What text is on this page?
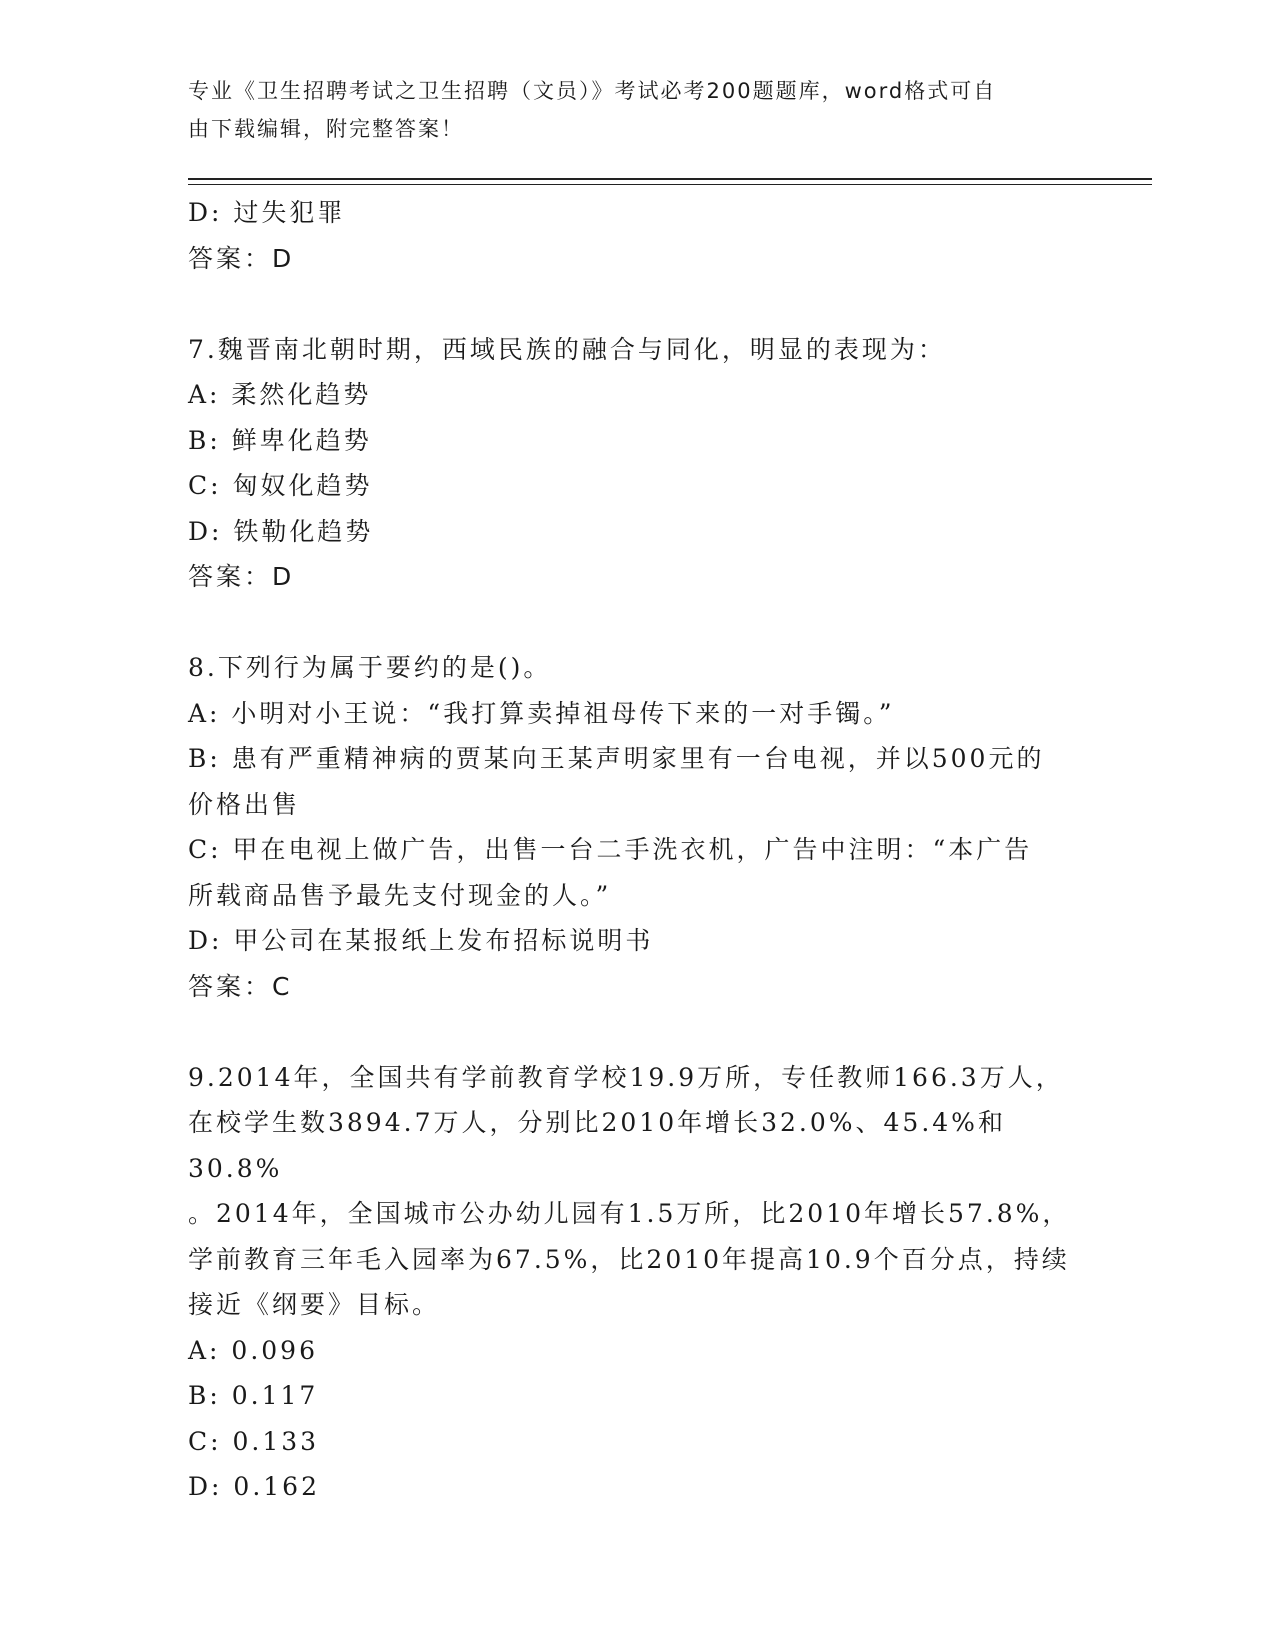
专业《卫生招聘考试之卫生招聘（文员）》考试必考200题题库，word格式可自
由下载编辑，附完整答案！

D: 过失犯罪

答案：D

7.魏晋南北朝时期，西域民族的融合与同化，明显的表现为：

A: 柔然化趋势

B: 鲜卑化趋势

C: 匈奴化趋势

D: 铁勒化趋势

答案：D

8.下列行为属于要约的是()。

A: 小明对小王说：“我打算卖掉祖母传下来的一对手镯。”

B: 患有严重精神病的贾某向王某声明家里有一台电视，并以500元的

价格出售

C: 甲在电视上做广告，出售一台二手洗衣机，广告中注明：“本广告

所载商品售予最先支付现金的人。”

D: 甲公司在某报纸上发布招标说明书

答案：C

9.2014年，全国共有学前教育学校19.9万所，专任教师166.3万人，

在校学生数3894.7万人，分别比2010年增长32.0%、45.4%和30.8%

。2014年，全国城市公办幼儿园有1.5万所，比2010年增长57.8%，

学前教育三年毛入园率为67.5%，比2010年提高10.9个百分点，持续

接近《纲要》目标。

A: 0.096

B: 0.117

C: 0.133

D: 0.162
